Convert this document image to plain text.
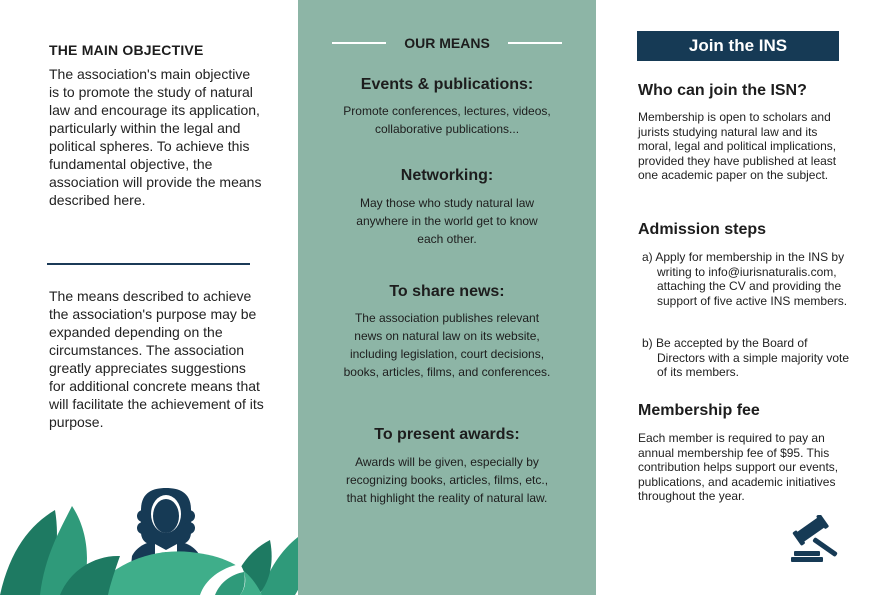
THE MAIN OBJECTIVE
The association's main objective is to promote the study of natural law and encourage its application, particularly within the legal and political spheres. To achieve this fundamental objective, the association will provide the means described here.
The means described to achieve the association's purpose may be expanded depending on the circumstances. The association greatly appreciates suggestions for additional concrete means that will facilitate the achievement of its purpose.
OUR MEANS
Events & publications:
Promote conferences, lectures, videos, collaborative publications...
Networking:
May those who study natural law anywhere in the world get to know each other.
To share news:
The association publishes relevant news on natural law on its website, including legislation, court decisions, books, articles, films, and conferences.
To present awards:
Awards will be given, especially by recognizing books, articles, films, etc., that highlight the reality of natural law.
Join the INS
Who can join the ISN?
Membership is open to scholars and jurists studying natural law and its moral, legal and political implications, provided they have published at least one academic paper on the subject.
Admission steps
a) Apply for membership in the INS by writing to info@iurisnaturalis.com, attaching the CV and providing the support of five active INS members.
b) Be accepted by the Board of Directors with a simple majority vote of its members.
Membership fee
Each member is required to pay an annual membership fee of $95. This contribution helps support our events, publications, and academic initiatives throughout the year.
